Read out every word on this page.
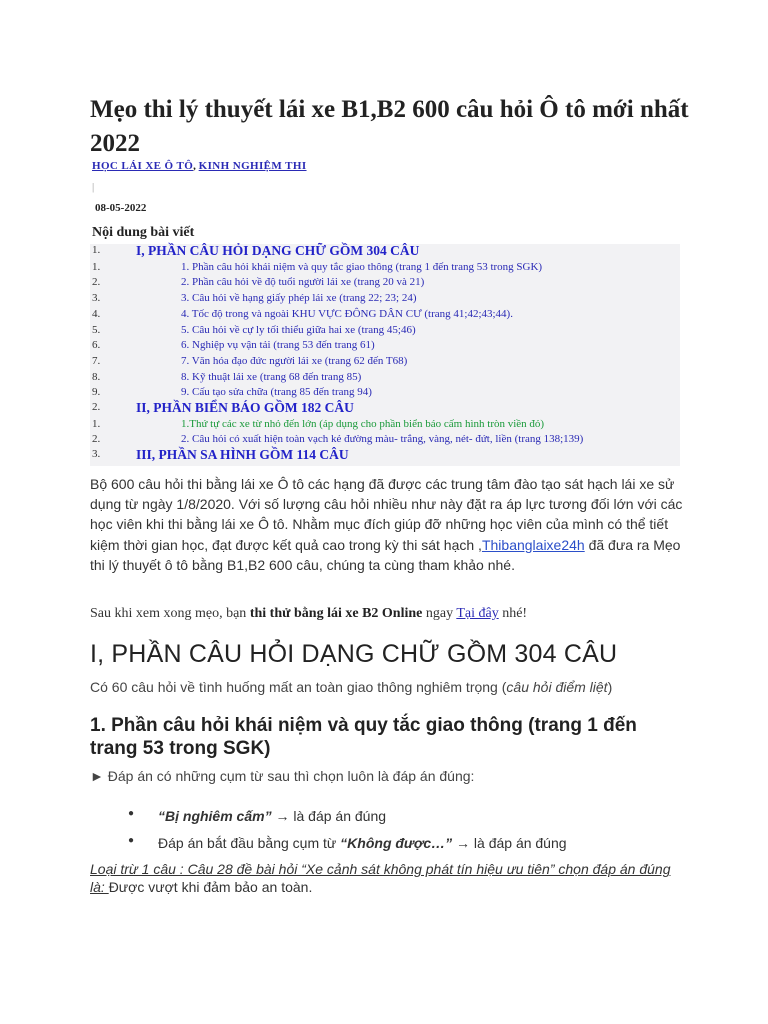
Mẹo thi lý thuyết lái xe B1,B2 600 câu hỏi Ô tô mới nhất 2022
HỌC LÁI XE Ô TÔ, KINH NGHIỆM THI
|
08-05-2022
Nội dung bài viết
1.	I, PHẦN CÂU HỎI DẠNG CHỮ GỒM 304 CÂU
1.	1. Phần câu hỏi khái niệm và quy tắc giao thông (trang 1 đến trang 53 trong SGK)
2.	2. Phần câu hỏi về độ tuổi người lái xe (trang 20 và 21)
3.	3. Câu hỏi về hạng giấy phép lái xe (trang 22; 23; 24)
4.	4. Tốc độ trong và ngoài KHU VỰC ĐÔNG DÂN CƯ (trang 41;42;43;44).
5.	5. Câu hỏi về cự ly tối thiểu giữa hai xe (trang 45;46)
6.	6. Nghiệp vụ vận tải (trang 53 đến trang 61)
7.	7. Văn hóa đạo đức người lái xe (trang 62 đến T68)
8.	8. Kỹ thuật lái xe (trang 68 đến trang 85)
9.	9. Cấu tạo sửa chữa (trang 85 đến trang 94)
2.	II, PHẦN BIỂN BÁO GỒM 182 CÂU
1.	1.Thứ tự các xe từ nhỏ đến lớn (áp dụng cho phần biển báo cấm hình tròn viền đỏ)
2.	2. Câu hỏi có xuất hiện toàn vạch kẻ đường màu- trắng, vàng, nét- đứt, liền (trang 138;139)
3.	III, PHẦN SA HÌNH GỒM 114 CÂU

Bộ 600 câu hỏi thi bằng lái xe Ô tô các hạng đã được các trung tâm đào tạo sát hạch lái xe sử dụng từ ngày 1/8/2020. Với số lượng câu hỏi nhiều như này đặt ra áp lực tương đối lớn với các học viên khi thi bằng lái xe Ô tô. Nhằm mục đích giúp đỡ những học viên của mình có thể tiết kiệm thời gian học, đạt được kết quả cao trong kỳ thi sát hạch ,Thibanglaixe24h đã đưa ra Mẹo thi lý thuyết ô tô bằng B1,B2 600 câu, chúng ta cùng tham khảo nhé.

Sau khi xem xong mẹo, bạn thi thử bằng lái xe B2 Online ngay Tại đây nhé!
I, PHẦN CÂU HỎI DẠNG CHỮ GỒM 304 CÂU
Có 60 câu hỏi về tình huống mất an toàn giao thông nghiêm trọng (câu hỏi điểm liệt)
1. Phần câu hỏi khái niệm và quy tắc giao thông (trang 1 đến trang 53 trong SGK)
► Đáp án có những cụm từ sau thì chọn luôn là đáp án đúng:
● “Bị nghiêm cấm” → là đáp án đúng
● Đáp án bắt đầu bằng cụm từ “Không được…” → là đáp án đúng

Loại trừ 1 câu : Câu 28 đề bài hỏi “Xe cảnh sát không phát tín hiệu ưu tiên” chọn đáp án đúng là: Được vượt khi đảm bảo an toàn.
